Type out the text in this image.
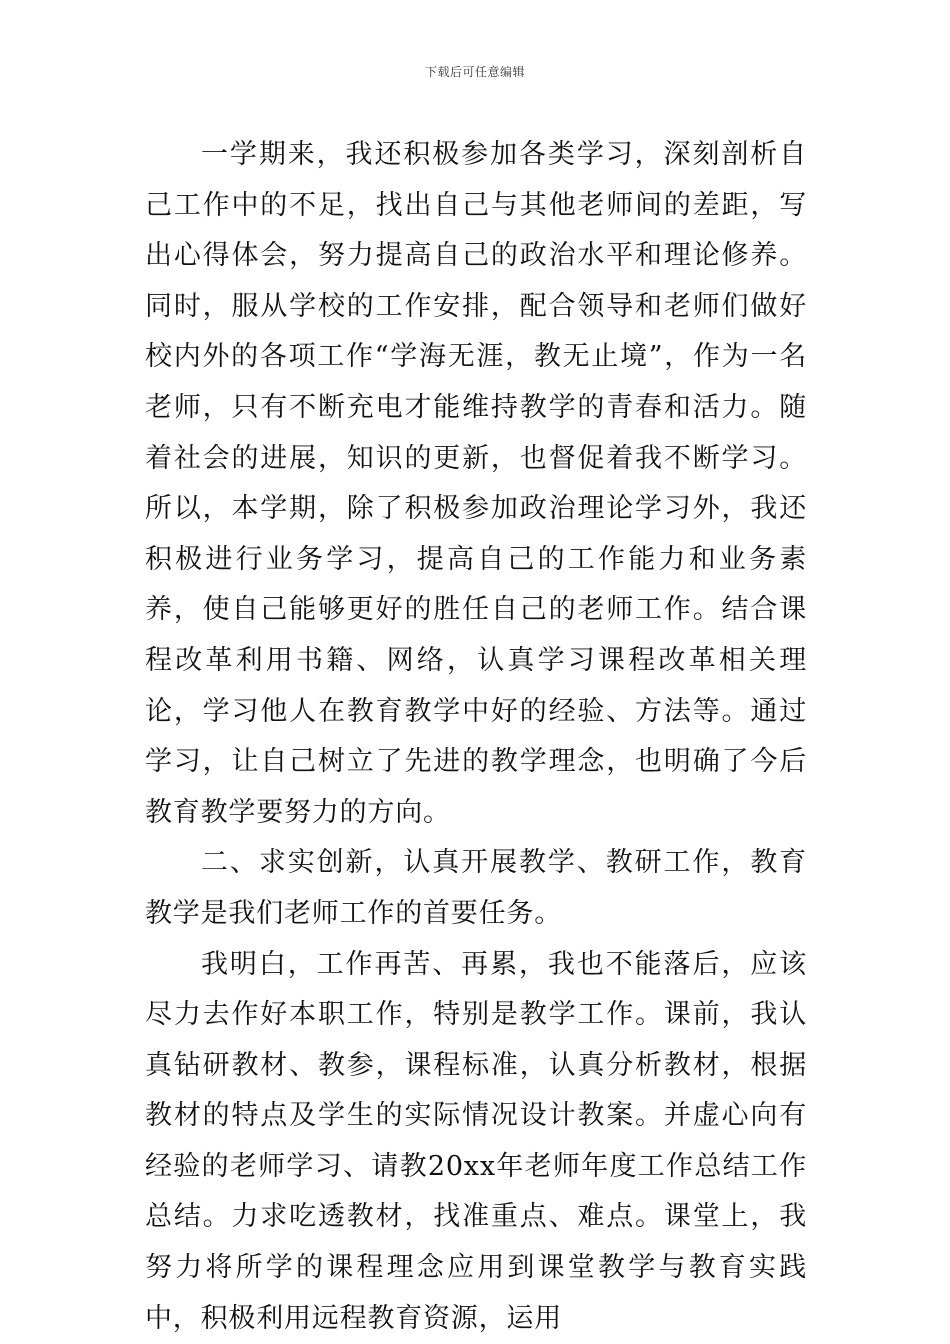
下载后可任意编辑

一学期来，我还积极参加各类学习，深刻剖析自己工作中的不足，找出自己与其他老师间的差距，写出心得体会，努力提高自己的政治水平和理论修养。同时，服从学校的工作安排，配合领导和老师们做好校内外的各项工作“学海无涯，教无止境”，作为一名老师，只有不断充电才能维持教学的青春和活力。随着社会的进展，知识的更新，也督促着我不断学习。所以，本学期，除了积极参加政治理论学习外，我还积极进行业务学习，提高自己的工作能力和业务素养，使自己能够更好的胜任自己的老师工作。结合课程改革利用书籍、网络，认真学习课程改革相关理论，学习他人在教育教学中好的经验、方法等。通过学习，让自己树立了先进的教学理念，也明确了今后教育教学要努力的方向。

二、求实创新，认真开展教学、教研工作，教育教学是我们老师工作的首要任务。

我明白，工作再苦、再累，我也不能落后，应该尽力去作好本职工作，特别是教学工作。课前，我认真钻研教材、教参，课程标准，认真分析教材，根据教材的特点及学生的实际情况设计教案。并虚心向有经验的老师学习、请教20xx年老师年度工作总结工作总结。力求吃透教材，找准重点、难点。课堂上，我努力将所学的课程理念应用到课堂教学与教育实践中，积极利用远程教育资源，运用
